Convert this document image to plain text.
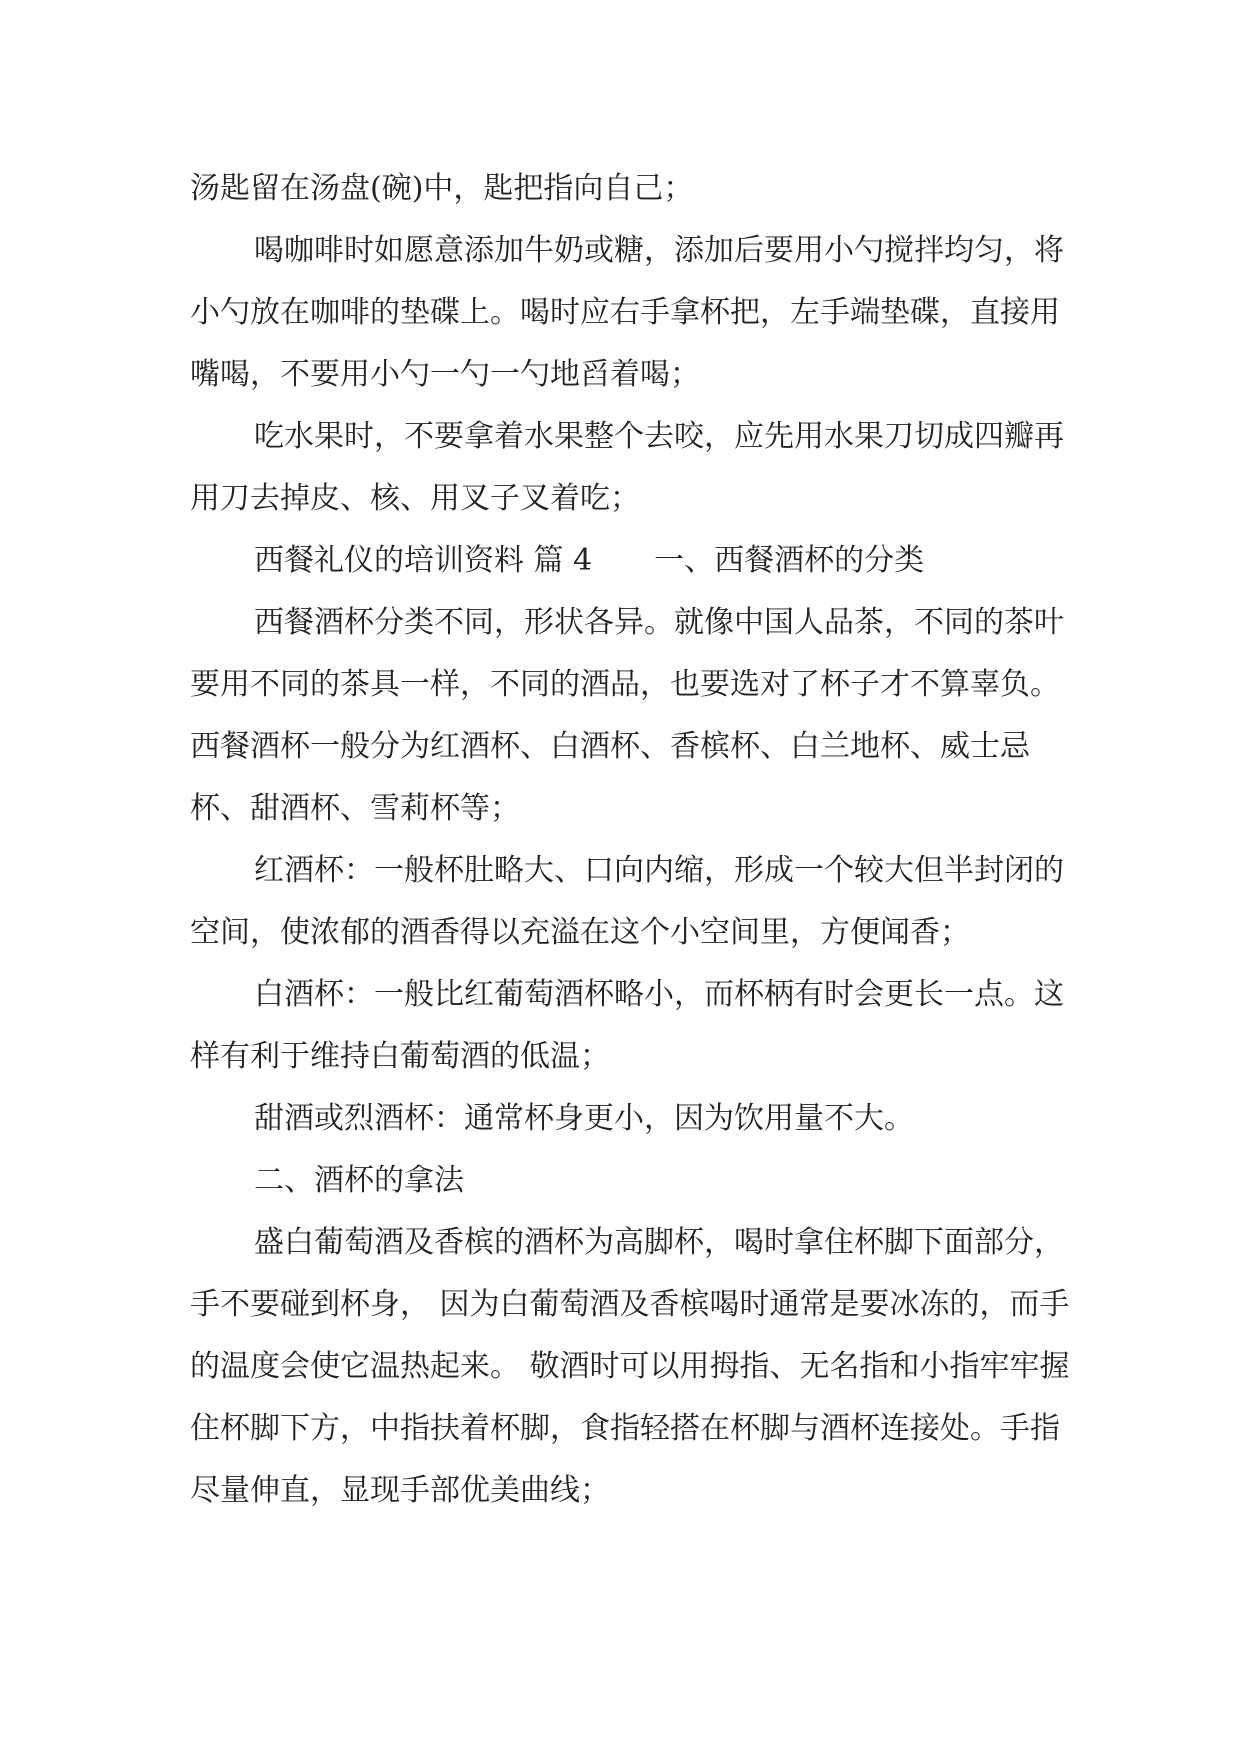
汤匙留在汤盘(碗)中，匙把指向自己；

喝咖啡时如愿意添加牛奶或糖，添加后要用小勺搅拌均匀，将小勺放在咖啡的垫碟上。喝时应右手拿杯把，左手端垫碟，直接用嘴喝，不要用小勺一勺一勺地舀着喝；

吃水果时，不要拿着水果整个去咬，应先用水果刀切成四瓣再用刀去掉皮、核、用叉子叉着吃；

西餐礼仪的培训资料 篇 4 一、西餐酒杯的分类

西餐酒杯分类不同，形状各异。就像中国人品茶，不同的茶叶要用不同的茶具一样，不同的酒品，也要选对了杯子才不算辜负。西餐酒杯一般分为红酒杯、白酒杯、香槟杯、白兰地杯、威士忌杯、甜酒杯、雪莉杯等；

红酒杯：一般杯肚略大、口向内缩，形成一个较大但半封闭的空间，使浓郁的酒香得以充溢在这个小空间里，方便闻香；

白酒杯：一般比红葡萄酒杯略小，而杯柄有时会更长一点。这样有利于维持白葡萄酒的低温；

甜酒或烈酒杯：通常杯身更小，因为饮用量不大。

二、酒杯的拿法

盛白葡萄酒及香槟的酒杯为高脚杯，喝时拿住杯脚下面部分，手不要碰到杯身， 因为白葡萄酒及香槟喝时通常是要冰冻的，而手的温度会使它温热起来。 敬酒时可以用拇指、无名指和小指牢牢握住杯脚下方，中指扶着杯脚，食指轻搭在杯脚与酒杯连接处。手指尽量伸直，显现手部优美曲线；
